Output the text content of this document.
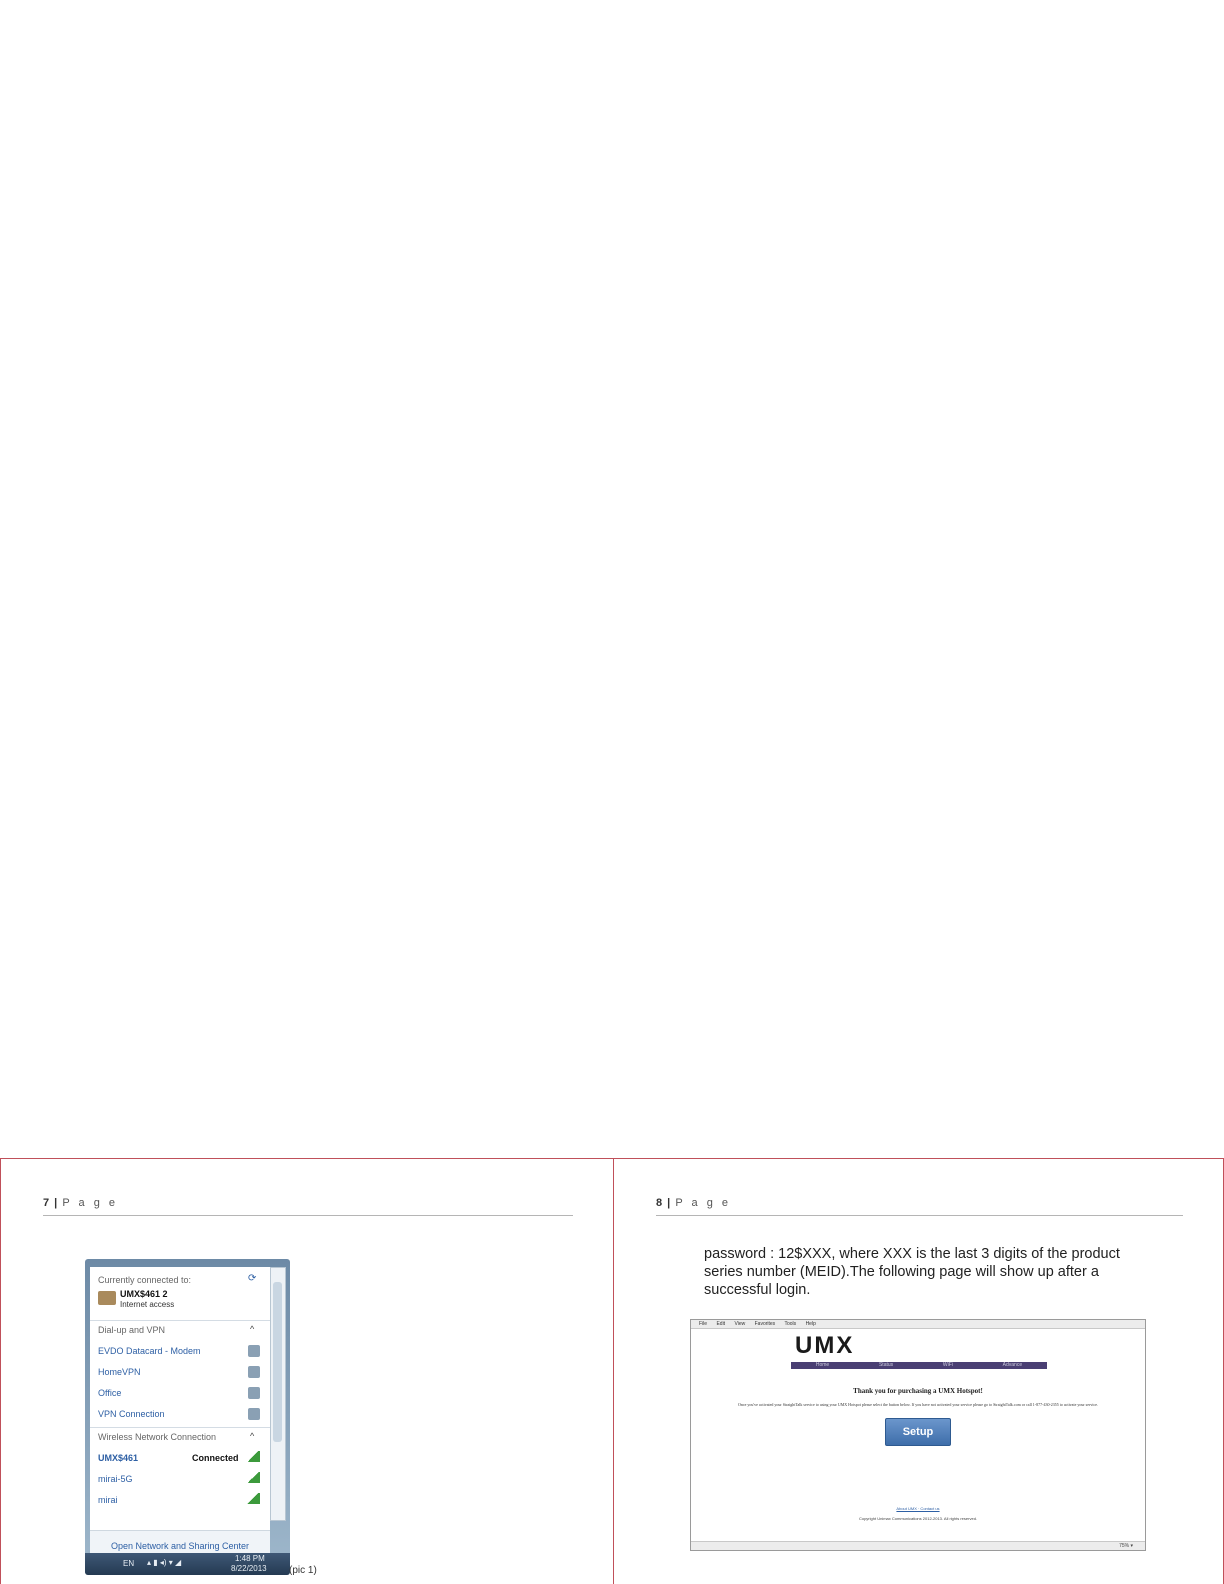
7 | P a g e
Currently connected to:	⟳
UMX$461 2
Internet access
Dial-up and VPN	^
EVDO Datacard - Modem
HomeVPN
Office
VPN Connection
Wireless Network Connection	^
UMX$461	Connected
mirai-5G
mirai
Open Network and Sharing Center
EN ▴ ▮ ◂) ▾ ◢	1:48 PM
8/22/2013 (pic 1)
8 | P a g e
password : 12$XXX, where XXX is the last 3 digits of the product series number (MEID).The following page will show up after a successful login.
File Edit View Favorites Tools Help
UMX
Home	Status	WiFi	Advance
Thank you for purchasing a UMX Hotspot!
Once you've activated your StraightTalk service to using your UMX Hotspot please select the button below. If you have not activated your service please go to StraightTalk.com or call 1-877-430-2355 to activate your service.
Setup
About UMX · Contact us
Copyright Unimax Communications 2012-2013. All rights reserved.
75% ▾
